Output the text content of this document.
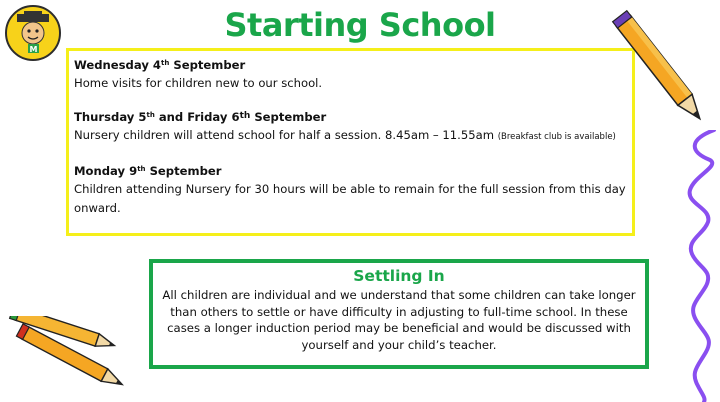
M
Starting School
Wednesday 4th September
Home visits for children new to our school.
Thursday 5th and Friday 6th September
Nursery children will attend school for half a session. 8.45am – 11.55am (Breakfast club is available)
Monday 9th September
Children attending Nursery for 30 hours will be able to remain for the full session from this day onward.
Settling In
All children are individual and we understand that some children can take longer than others to settle or have difficulty in adjusting to full-time school. In these cases a longer induction period may be beneficial and would be discussed with yourself and your child’s teacher.
